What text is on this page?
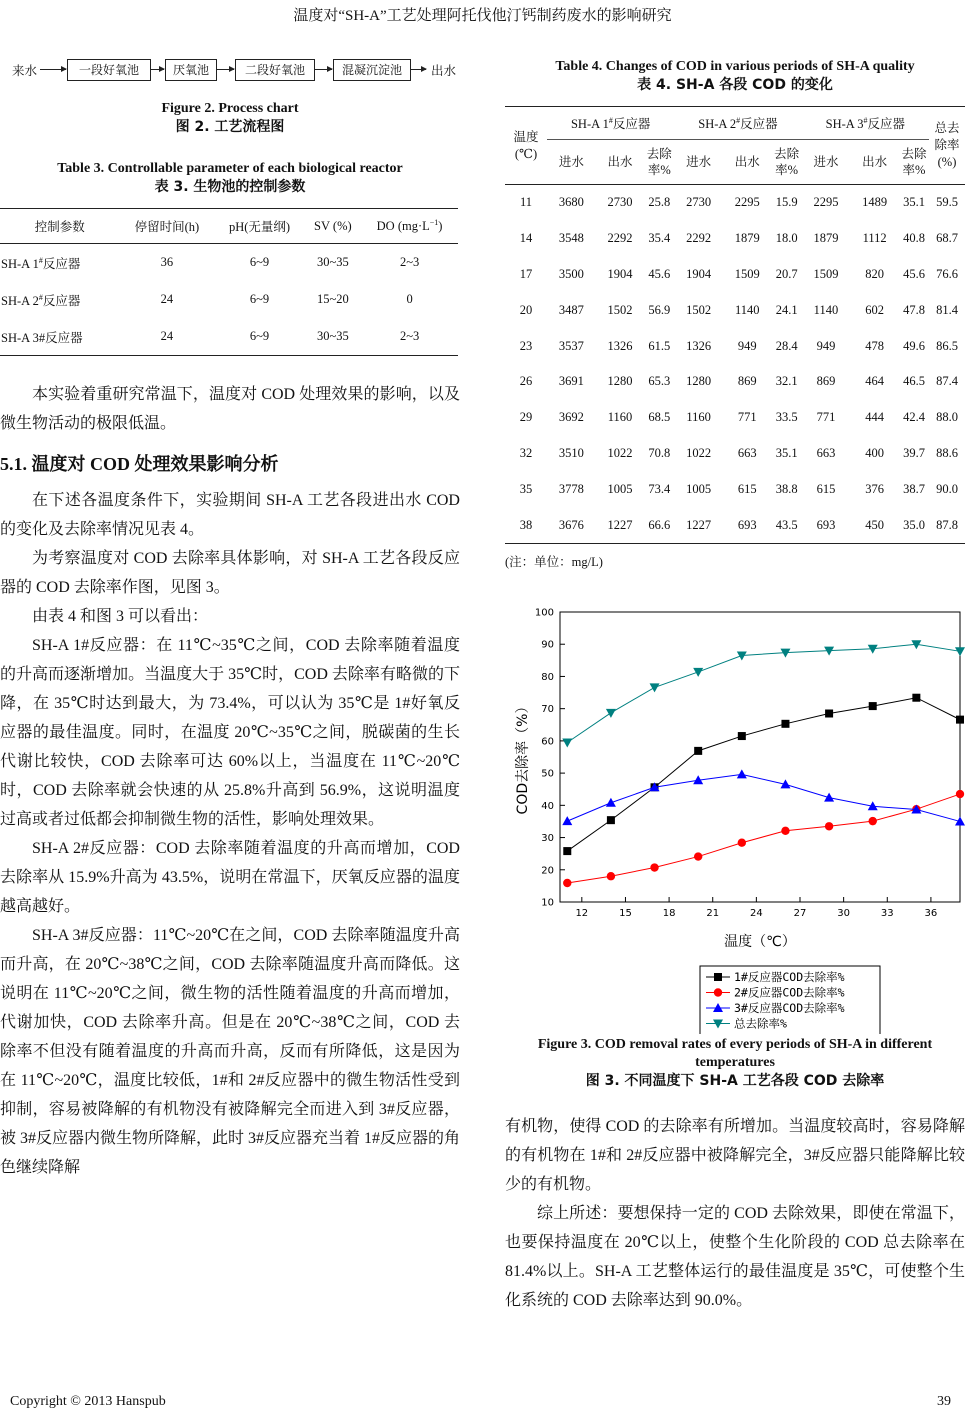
温度对“SH-A”工艺处理阿托伐他汀钙制药废水的影响研究
来水	一段好氧池	厌氧池	二段好氧池	混凝沉淀池	出水
Figure 2. Process chart
图 2. 工艺流程图
Table 3. Controllable parameter of each biological reactor
表 3. 生物池的控制参数
控制参数	停留时间(h)	pH(无量纲)	SV (%)	DO $(mg\cdot L^{-1})$
SH-A 1#反应器	36	6~9	30~35	2~3
SH-A 2#反应器	24	6~9	15~20	0
SH-A 3#反应器	24	6~9	30~35	2~3

本实验着重研究常温下，温度对 COD 处理效果的影响，以及微生物活动的极限低温。

5.1. 温度对 COD 处理效果影响分析

在下述各温度条件下，实验期间 SH-A 工艺各段进出水 COD 的变化及去除率情况见表 4。

为考察温度对 COD 去除率具体影响，对 SH-A 工艺各段反应器的 COD 去除率作图，见图 3。

由表 4 和图 3 可以看出：

SH-A 1#反应器：在 11℃~35℃之间，COD 去除率随着温度的升高而逐渐增加。当温度大于 35℃时，COD 去除率有略微的下降，在 35℃时达到最大，为 73.4%，可以认为 35℃是 1#好氧反应器的最佳温度。同时，在温度 20℃~35℃之间，脱碳菌的生长代谢比较快，COD 去除率可达 60%以上，当温度在 11℃~20℃时，COD 去除率就会快速的从 25.8%升高到 56.9%，这说明温度过高或者过低都会抑制微生物的活性，影响处理效果。

SH-A 2#反应器：COD 去除率随着温度的升高而增加，COD 去除率从 15.9%升高为 43.5%，说明在常温下，厌氧反应器的温度越高越好。

SH-A 3#反应器：11℃~20℃在之间，COD 去除率随温度升高而升高，在 20℃~38℃之间，COD 去除率随温度升高而降低。这说明在 11℃~20℃之间，微生物的活性随着温度的升高而增加，代谢加快，COD 去除率升高。但是在 20℃~38℃之间，COD 去除率不但没有随着温度的升高而升高，反而有所降低，这是因为在 11℃~20℃，温度比较低，1#和 2#反应器中的微生物活性受到抑制，容易被降解的有机物没有被降解完全而进入到 3#反应器，被 3#反应器内微生物所降解，此时 3#反应器充当着 1#反应器的角色继续降解

Table 4. Changes of COD in various periods of SH-A quality
表 4. SH-A 各段 COD 的变化
温度(℃)	SH-A 1#反应器			SH-A 2#反应器			SH-A 3#反应器			总去除率(%)
	进水	出水	去除率%	进水	出水	去除率%	进水	出水	去除率%	
11	3680	2730	25.8	2730	2295	15.9	2295	1489	35.1	59.5
14	3548	2292	35.4	2292	1879	18.0	1879	1112	40.8	68.7
17	3500	1904	45.6	1904	1509	20.7	1509	820	45.6	76.6
20	3487	1502	56.9	1502	1140	24.1	1140	602	47.8	81.4
23	3537	1326	61.5	1326	949	28.4	949	478	49.6	86.5
26	3691	1280	65.3	1280	869	32.1	869	464	46.5	87.4
29	3692	1160	68.5	1160	771	33.5	771	444	42.4	88.0
32	3510	1022	70.8	1022	663	35.1	663	400	39.7	88.6
35	3778	1005	73.4	1005	615	38.8	615	376	38.7	90.0
38	3676	1227	66.6	1227	693	43.5	693	450	35.0	87.8
(注：单位：mg/L)
10
20
30
40
50
60
70
80
90
100
12	15	18	21	24	27	30	33	36
温度（℃）
COD去除率（%）
1#反应器COD去除率%
2#反应器COD去除率%
3#反应器COD去除率%
总去除率%
Figure 3. COD removal rates of every periods of SH-A in different temperatures
图 3. 不同温度下 SH-A 工艺各段 COD 去除率

有机物，使得 COD 的去除率有所增加。当温度较高时，容易降解的有机物在 1#和 2#反应器中被降解完全，3#反应器只能降解比较少的有机物。

综上所述：要想保持一定的 COD 去除效果，即使在常温下，也要保持温度在 20℃以上，使整个生化阶段的 COD 总去除率在 81.4%以上。SH-A 工艺整体运行的最佳温度是 35℃，可使整个生化系统的 COD 去除率达到 90.0%。

Copyright © 2013 Hanspub	39
